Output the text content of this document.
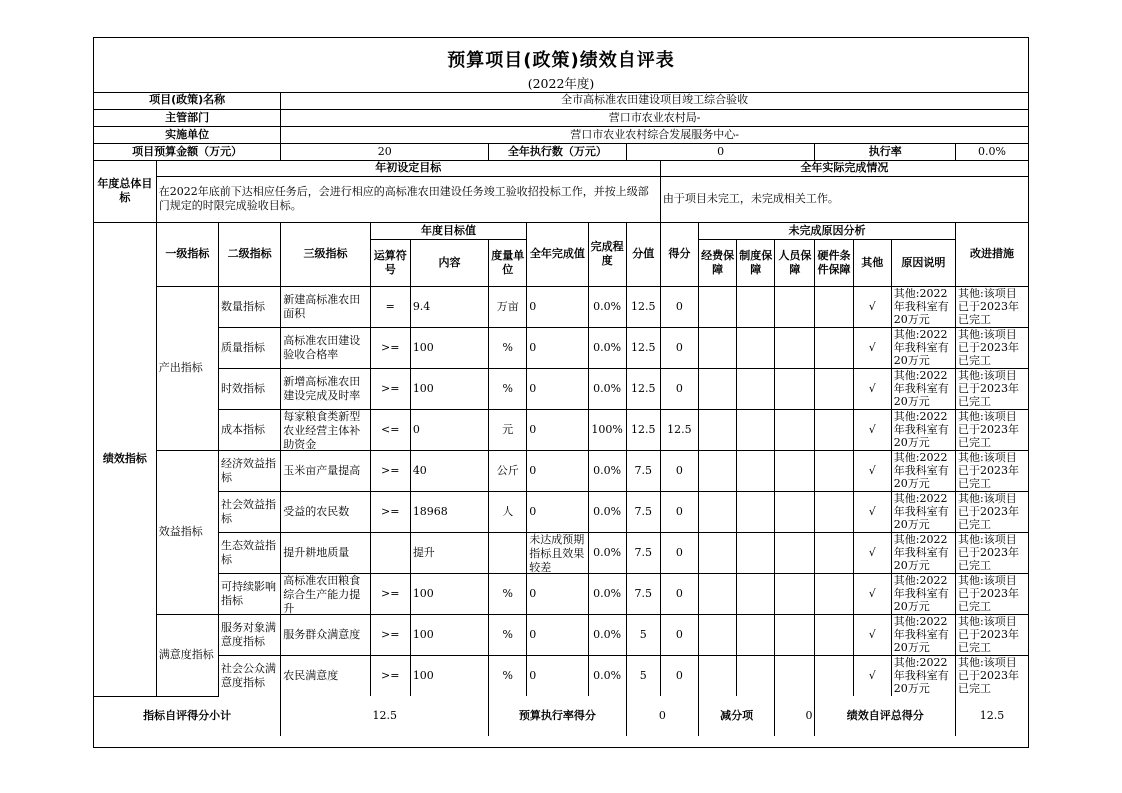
预算项目(政策)绩效自评表
(2022年度)
项目(政策)名称			全市高标准农田建设项目竣工综合验收														
主管部门			营口市农业农村局-														
实施单位			营口市农业农村综合发展服务中心-														
项目预算金额（万元）			20			全年执行数（万元）			0					执行率			0.0%
年度总体目标	年初设定目标									全年实际完成情况							
	在2022年底前下达相应任务后，会进行相应的高标准农田建设任务竣工验收招投标工作，并按上级部门规定的时限完成验收目标。									由于项目未完工，未完成相关工作。							
绩效指标	一级指标	二级指标	三级指标	年度目标值			全年完成值	完成程度	分值	得分	未完成原因分析						改进措施
				运算符号	内容	度量单位					经费保障	制度保障	人员保障	硬件条件保障	其他	原因说明	
	产出指标	数量指标	新建高标准农田面积	=	9.4	万亩	0	0.0%	12.5	0					√	其他:2022年我科室有20万元	其他:该项目已于2023年已完工

		质量指标	高标准农田建设验收合格率	>=	100	%	0	0.0%	12.5	0					√	其他:2022年我科室有20万元	其他:该项目已于2023年已完工

		时效指标	新增高标准农田建设完成及时率	>=	100	%	0	0.0%	12.5	0					√	其他:2022年我科室有20万元	其他:该项目已于2023年已完工

		成本指标	每家粮食类新型农业经营主体补助资金	<=	0	元	0	100%	12.5	12.5					√	其他:2022年我科室有20万元	其他:该项目已于2023年已完工

	效益指标	经济效益指标	玉米亩产量提高	>=	40	公斤	0	0.0%	7.5	0					√	其他:2022年我科室有20万元	其他:该项目已于2023年已完工

		社会效益指标	受益的农民数	>=	18968	人	0	0.0%	7.5	0					√	其他:2022年我科室有20万元	其他:该项目已于2023年已完工

		生态效益指标	提升耕地质量		提升		未达成预期指标且效果较差	0.0%	7.5	0					√	其他:2022年我科室有20万元	其他:该项目已于2023年已完工

		可持续影响指标	高标准农田粮食综合生产能力提升	>=	100	%	0	0.0%	7.5	0					√	其他:2022年我科室有20万元	其他:该项目已于2023年已完工

	满意度指标	服务对象满意度指标	服务群众满意度	>=	100	%	0	0.0%	5	0					√	其他:2022年我科室有20万元	其他:该项目已于2023年已完工

		社会公众满意度指标	农民满意度	>=	100	%	0	0.0%	5	0					√	其他:2022年我科室有20万元	其他:该项目已于2023年已完工

指标自评得分小计			12.5			预算执行率得分			0		减分项		0	绩效自评总得分			12.5
